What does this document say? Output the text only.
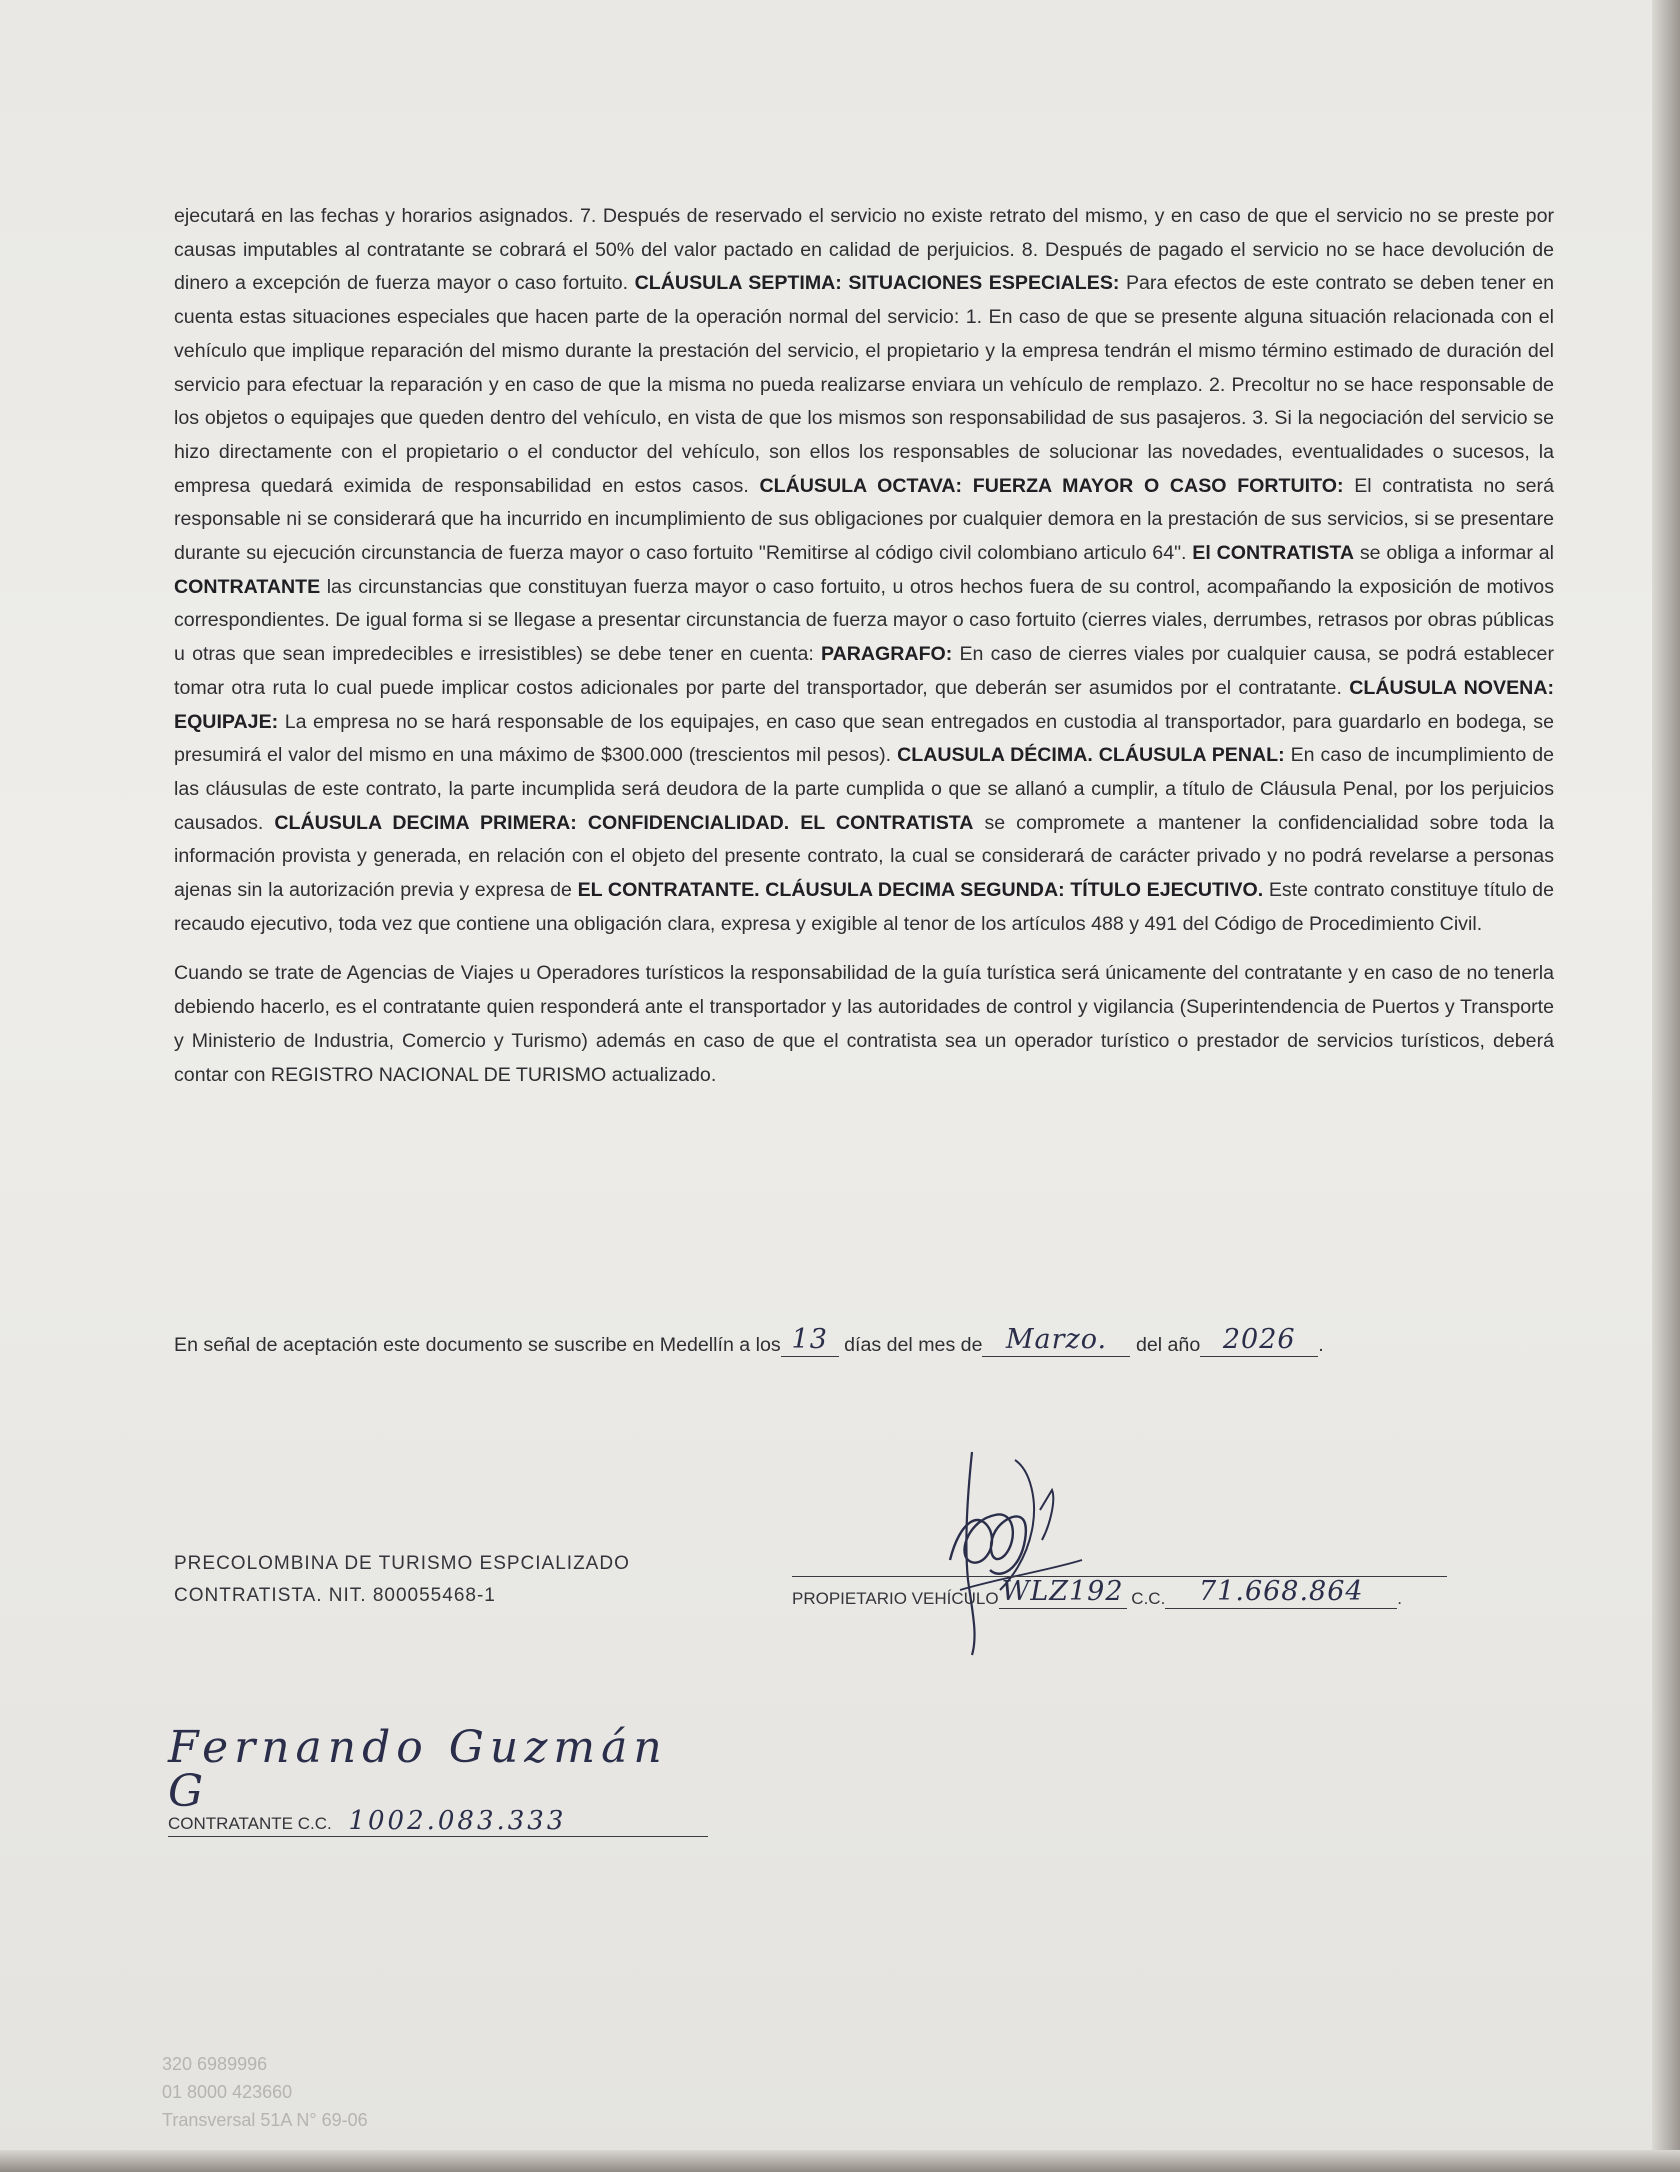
ejecutará en las fechas y horarios asignados. 7. Después de reservado el servicio no existe retrato del mismo, y en caso de que el servicio no se preste por causas imputables al contratante se cobrará el 50% del valor pactado en calidad de perjuicios. 8. Después de pagado el servicio no se hace devolución de dinero a excepción de fuerza mayor o caso fortuito. CLÁUSULA SEPTIMA: SITUACIONES ESPECIALES: Para efectos de este contrato se deben tener en cuenta estas situaciones especiales que hacen parte de la operación normal del servicio: 1. En caso de que se presente alguna situación relacionada con el vehículo que implique reparación del mismo durante la prestación del servicio, el propietario y la empresa tendrán el mismo término estimado de duración del servicio para efectuar la reparación y en caso de que la misma no pueda realizarse enviara un vehículo de remplazo. 2. Precoltur no se hace responsable de los objetos o equipajes que queden dentro del vehículo, en vista de que los mismos son responsabilidad de sus pasajeros. 3. Si la negociación del servicio se hizo directamente con el propietario o el conductor del vehículo, son ellos los responsables de solucionar las novedades, eventualidades o sucesos, la empresa quedará eximida de responsabilidad en estos casos. CLÁUSULA OCTAVA: FUERZA MAYOR O CASO FORTUITO: El contratista no será responsable ni se considerará que ha incurrido en incumplimiento de sus obligaciones por cualquier demora en la prestación de sus servicios, si se presentare durante su ejecución circunstancia de fuerza mayor o caso fortuito "Remitirse al código civil colombiano articulo 64". El CONTRATISTA se obliga a informar al CONTRATANTE las circunstancias que constituyan fuerza mayor o caso fortuito, u otros hechos fuera de su control, acompañando la exposición de motivos correspondientes. De igual forma si se llegase a presentar circunstancia de fuerza mayor o caso fortuito (cierres viales, derrumbes, retrasos por obras públicas u otras que sean impredecibles e irresistibles) se debe tener en cuenta: PARAGRAFO: En caso de cierres viales por cualquier causa, se podrá establecer tomar otra ruta lo cual puede implicar costos adicionales por parte del transportador, que deberán ser asumidos por el contratante. CLÁUSULA NOVENA: EQUIPAJE: La empresa no se hará responsable de los equipajes, en caso que sean entregados en custodia al transportador, para guardarlo en bodega, se presumirá el valor del mismo en una máximo de $300.000 (trescientos mil pesos). CLAUSULA DÉCIMA. CLÁUSULA PENAL: En caso de incumplimiento de las cláusulas de este contrato, la parte incumplida será deudora de la parte cumplida o que se allanó a cumplir, a título de Cláusula Penal, por los perjuicios causados. CLÁUSULA DECIMA PRIMERA: CONFIDENCIALIDAD. EL CONTRATISTA se compromete a mantener la confidencialidad sobre toda la información provista y generada, en relación con el objeto del presente contrato, la cual se considerará de carácter privado y no podrá revelarse a personas ajenas sin la autorización previa y expresa de EL CONTRATANTE. CLÁUSULA DECIMA SEGUNDA: TÍTULO EJECUTIVO. Este contrato constituye título de recaudo ejecutivo, toda vez que contiene una obligación clara, expresa y exigible al tenor de los artículos 488 y 491 del Código de Procedimiento Civil.

Cuando se trate de Agencias de Viajes u Operadores turísticos la responsabilidad de la guía turística será únicamente del contratante y en caso de no tenerla debiendo hacerlo, es el contratante quien responderá ante el transportador y las autoridades de control y vigilancia (Superintendencia de Puertos y Transporte y Ministerio de Industria, Comercio y Turismo) además en caso de que el contratista sea un operador turístico o prestador de servicios turísticos, deberá contar con REGISTRO NACIONAL DE TURISMO actualizado.

En señal de aceptación este documento se suscribe en Medellín a los 13 días del mes de Marzo. del año 2026 .
PRECOLOMBINA DE TURISMO ESPCIALIZADO
CONTRATISTA. NIT. 800055468-1	PROPIETARIO VEHÍCULO WLZ192 C.C. 71.668.864 .
Fernando Guzmán G
CONTRATANTE C.C. 1002.083.333
320 6989996
01 8000 423660
Transversal 51A N° 69-06
